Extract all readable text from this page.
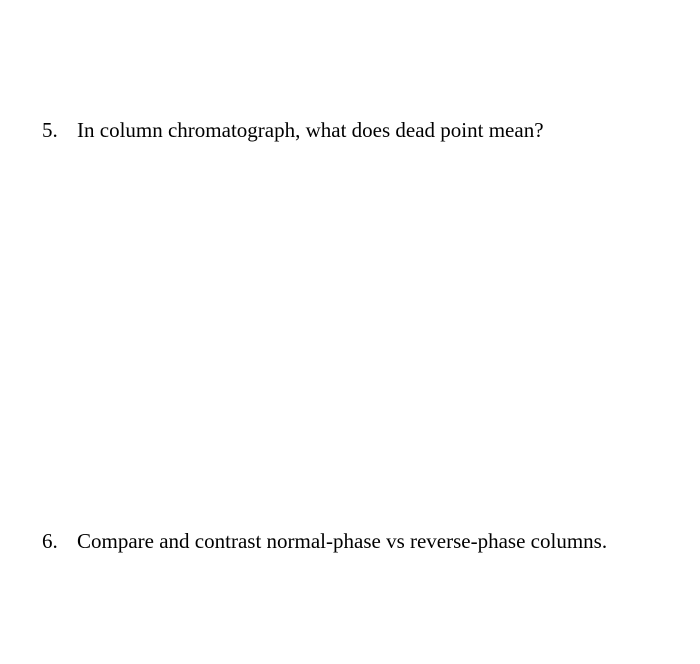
5. In column chromatograph, what does dead point mean?
6. Compare and contrast normal-phase vs reverse-phase columns.
